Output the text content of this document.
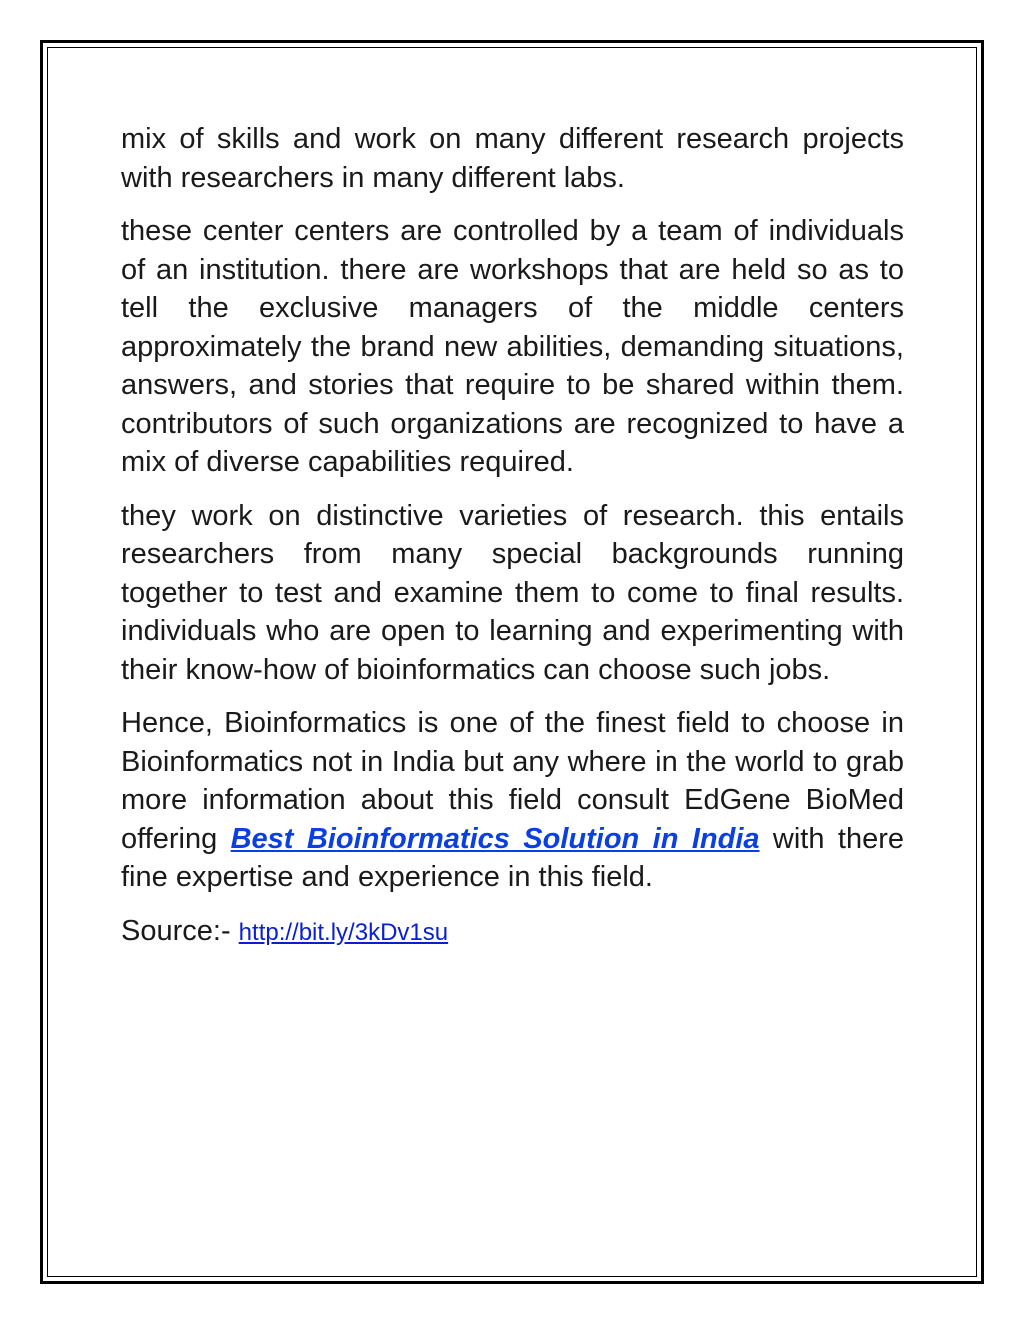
mix of skills and work on many different research projects with researchers in many different labs.

these center centers are controlled by a team of individuals of an institution. there are workshops that are held so as to tell the exclusive managers of the middle centers approximately the brand new abilities, demanding situations, answers, and stories that require to be shared within them. contributors of such organizations are recognized to have a mix of diverse capabilities required.

they work on distinctive varieties of research. this entails researchers from many special backgrounds running together to test and examine them to come to final results. individuals who are open to learning and experimenting with their know-how of bioinformatics can choose such jobs.

Hence, Bioinformatics is one of the finest field to choose in Bioinformatics not in India but any where in the world to grab more information about this field consult EdGene BioMed offering Best Bioinformatics Solution in India with there fine expertise and experience in this field.

Source:- http://bit.ly/3kDv1su
